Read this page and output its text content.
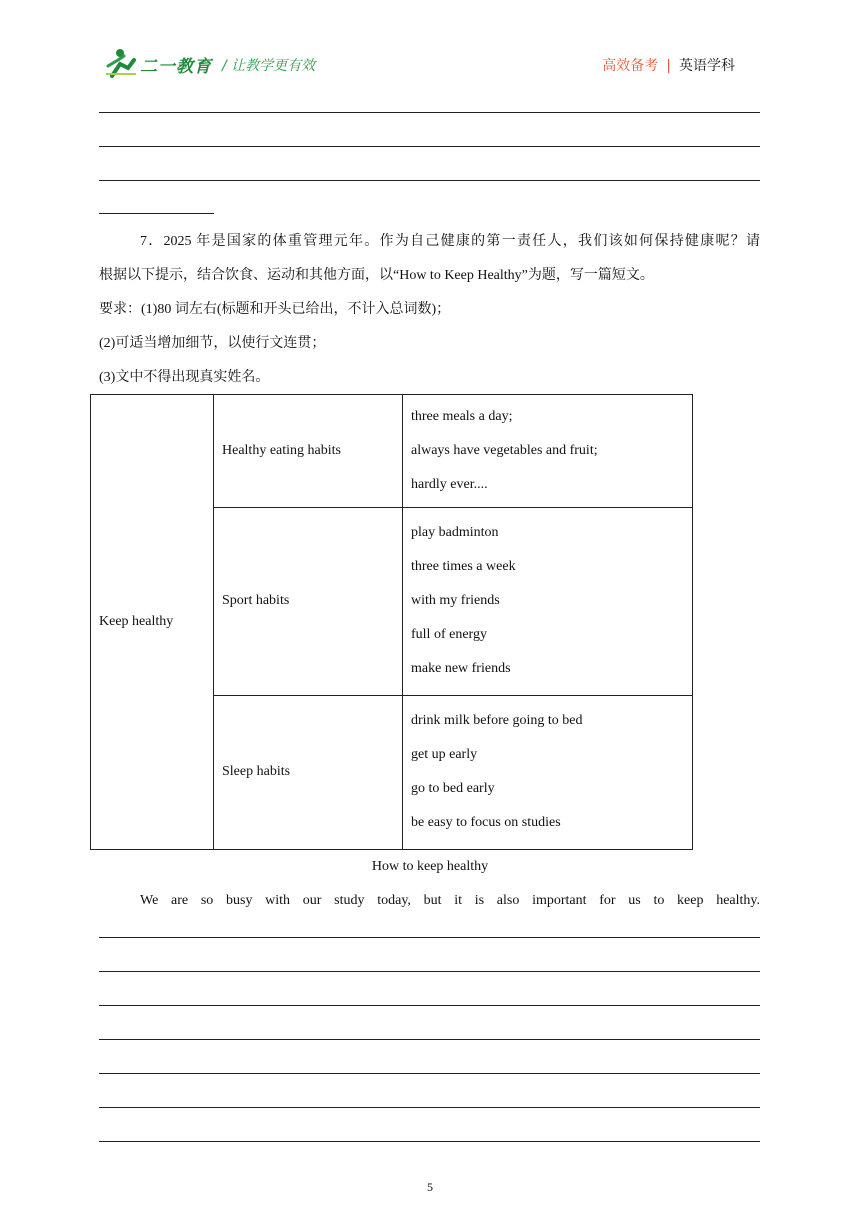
二一教育 / 让教学更有效	高效备考 | 英语学科
7．2025 年是国家的体重管理元年。作为自己健康的第一责任人，我们该如何保持健康呢？请
根据以下提示，结合饮食、运动和其他方面，以“How to Keep Healthy”为题，写一篇短文。
要求：(1)80 词左右(标题和开头已给出，不计入总词数)；
(2)可适当增加细节，以使行文连贯；
(3)文中不得出现真实姓名。
Keep healthy	Healthy eating habits	three meals a day;
always have vegetables and fruit;
hardly ever....

	Sport habits	play badminton
three times a week
with my friends
full of energy
make new friends

	Sleep habits	drink milk before going to bed
get up early
go to bed early
be easy to focus on studies
How to keep healthy
We are so busy with our study today, but it is also important for us to keep healthy.
5
